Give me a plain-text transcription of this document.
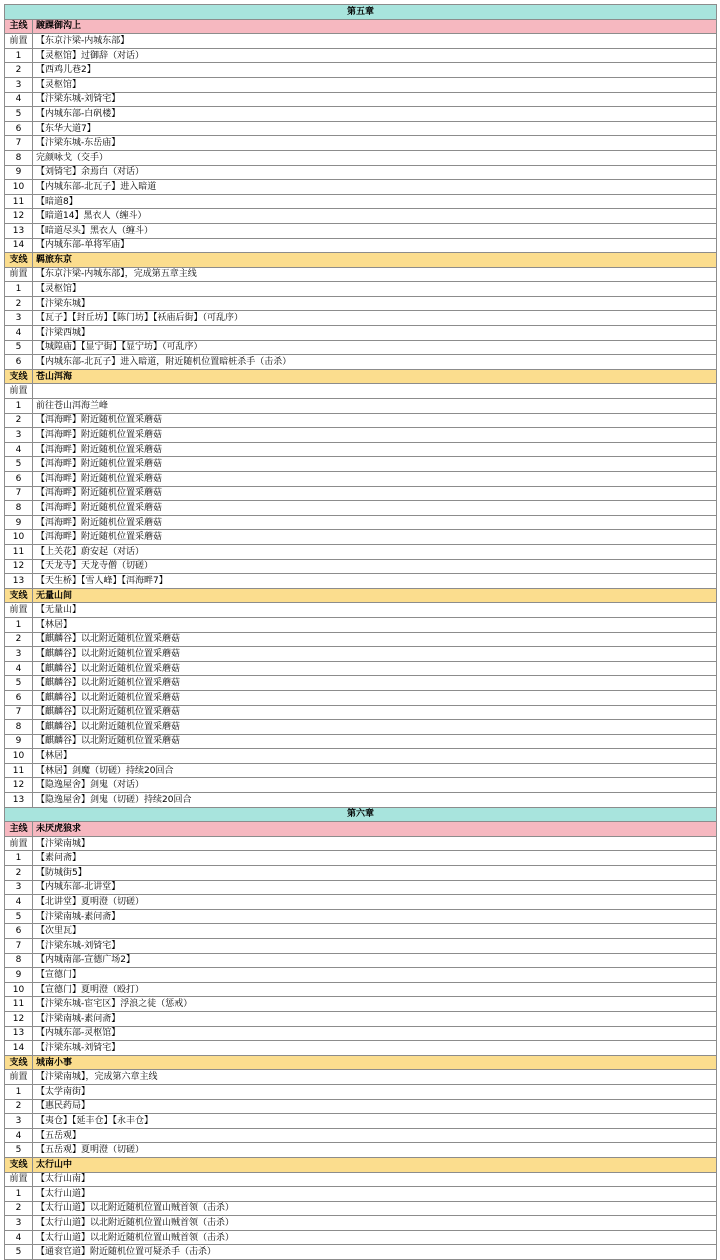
第五章	
主线	踱踝御沟上
前置	【东京汴梁-内城东部】
1	【灵枢馆】过御辞（对话）
2	【西鸡儿巷2】
3	【灵枢馆】
4	【汴梁东城-刘锜宅】
5	【内城东部-白矾楼】
6	【东华大道7】
7	【汴梁东城-东岳庙】
8	完颜咏戈（交手）
9	【刘锜宅】余焉白（对话）
10	【内城东部-北瓦子】进入暗道
11	【暗道8】
12	【暗道14】黑衣人（缠斗）
13	【暗道尽头】黑衣人（缠斗）
14	【内城东部-单将军庙】
支线	羁旅东京
前置	【东京汴梁-内城东部】，完成第五章主线
1	【灵枢馆】
2	【汴梁东城】
3	【瓦子】【封丘坊】【陈门坊】【袄庙后街】（可乱序）
4	【汴梁西城】
5	【城隍庙】【显宁街】【显宁坊】（可乱序）
6	【内城东部-北瓦子】进入暗道，附近随机位置暗桩杀手（击杀）
支线	苍山洱海
前置	
1	前往苍山洱海兰峰
2	【洱海畔】附近随机位置采蘑菇
3	【洱海畔】附近随机位置采蘑菇
4	【洱海畔】附近随机位置采蘑菇
5	【洱海畔】附近随机位置采蘑菇
6	【洱海畔】附近随机位置采蘑菇
7	【洱海畔】附近随机位置采蘑菇
8	【洱海畔】附近随机位置采蘑菇
9	【洱海畔】附近随机位置采蘑菇
10	【洱海畔】附近随机位置采蘑菇
11	【上关花】蔚安起（对话）
12	【天龙寺】天龙寺僧（切磋）
13	【天生桥】【雪人峰】【洱海畔7】
支线	无量山间
前置	【无量山】
1	【林居】
2	【麒麟谷】以北附近随机位置采蘑菇
3	【麒麟谷】以北附近随机位置采蘑菇
4	【麒麟谷】以北附近随机位置采蘑菇
5	【麒麟谷】以北附近随机位置采蘑菇
6	【麒麟谷】以北附近随机位置采蘑菇
7	【麒麟谷】以北附近随机位置采蘑菇
8	【麒麟谷】以北附近随机位置采蘑菇
9	【麒麟谷】以北附近随机位置采蘑菇
10	【林居】
11	【林居】剑魔（切磋）持续20回合
12	【隐逸屋舍】剑鬼（对话）
13	【隐逸屋舍】剑鬼（切磋）持续20回合
第六章	
主线	未厌虎狼求
前置	【汴梁南城】
1	【素问斋】
2	【防城街5】
3	【内城东部-北讲堂】
4	【北讲堂】夏明澄（切磋）
5	【汴梁南城-素问斋】
6	【次里瓦】
7	【汴梁东城-刘锜宅】
8	【内城南部-宣德广场2】
9	【宣德门】
10	【宣德门】夏明澄（殴打）
11	【汴梁东城-宦宅区】浮浪之徒（惩戒）
12	【汴梁南城-素问斋】
13	【内城东部-灵枢馆】
14	【汴梁东城-刘锜宅】
支线	城南小事
前置	【汴梁南城】，完成第六章主线
1	【太学南街】
2	【惠民药局】
3	【夷仓】【延丰仓】【永丰仓】
4	【五岳观】
5	【五岳观】夏明澄（切磋）
支线	太行山中
前置	【太行山南】
1	【太行山道】
2	【太行山道】以北附近随机位置山贼首领（击杀）
3	【太行山道】以北附近随机位置山贼首领（击杀）
4	【太行山道】以北附近随机位置山贼首领（击杀）
5	【通衮官道】附近随机位置可疑杀手（击杀）
